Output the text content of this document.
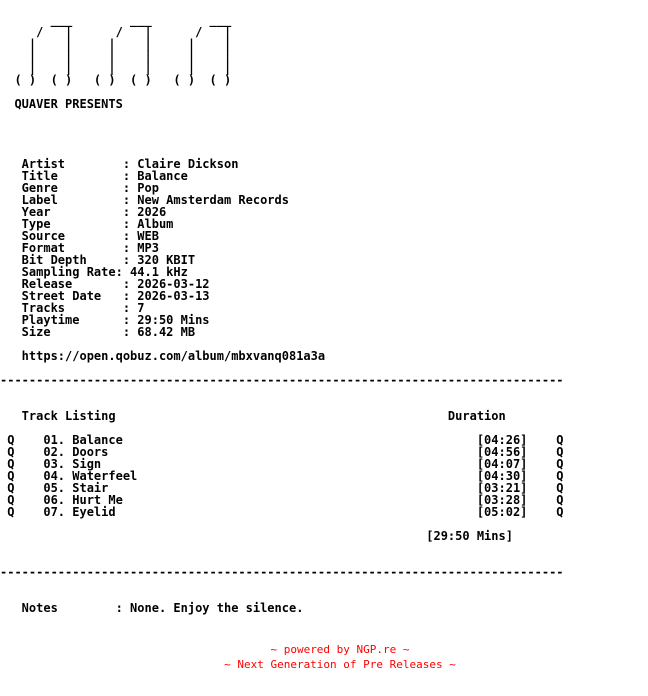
___        ___        ___
/   |      /   |      /   |
|    |     |    |     |    |
|    |     |    |     |    |
|    |     |    |     |    |
( )  ( )   ( )  ( )   ( )  ( )
QUAVER PRESENTS
Artist        : Claire Dickson
Title         : Balance
Genre         : Pop
Label         : New Amsterdam Records
Year          : 2026
Type          : Album
Source        : WEB
Format        : MP3
Bit Depth     : 320 KBIT
Sampling Rate: 44.1 kHz
Release       : 2026-03-12
Street Date   : 2026-03-13
Tracks        : 7
Playtime      : 29:50 Mins
Size          : 68.42 MB
https://open.qobuz.com/album/mbxvanq081a3a
------------------------------------------------------------------------------
Track Listing                                              Duration
Q    01. Balance                                                 [04:26]    Q
Q    02. Doors                                                   [04:56]    Q
Q    03. Sign                                                    [04:07]    Q
Q    04. Waterfeel                                               [04:30]    Q
Q    05. Stair                                                   [03:21]    Q
Q    06. Hurt Me                                                 [03:28]    Q
Q    07. Eyelid                                                  [05:02]    Q
[29:50 Mins]
------------------------------------------------------------------------------
Notes        : None. Enjoy the silence.
~ powered by NGP.re ~
~ Next Generation of Pre Releases ~
